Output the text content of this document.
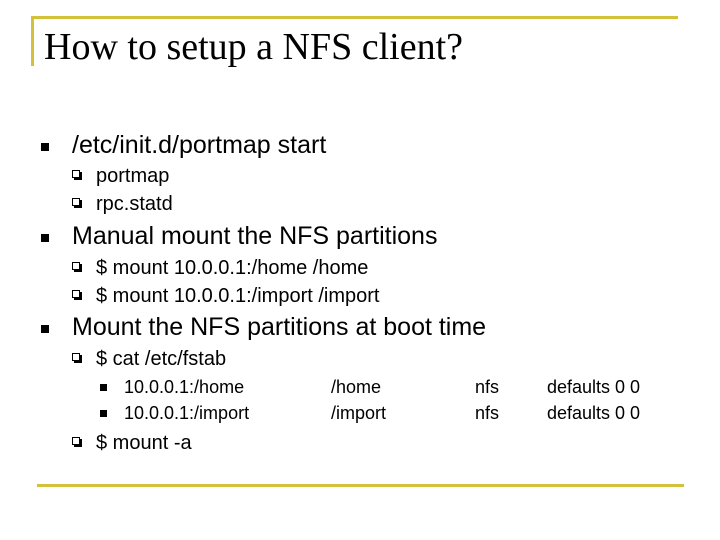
How to setup a NFS client?
/etc/init.d/portmap start
portmap
rpc.statd
Manual mount the NFS partitions
$ mount 10.0.0.1:/home /home
$ mount 10.0.0.1:/import /import
Mount the NFS partitions at boot time
$ cat /etc/fstab
10.0.0.1:/home	/home	nfs	defaults 0 0
10.0.0.1:/import	/import	nfs	defaults 0 0
$ mount -a
